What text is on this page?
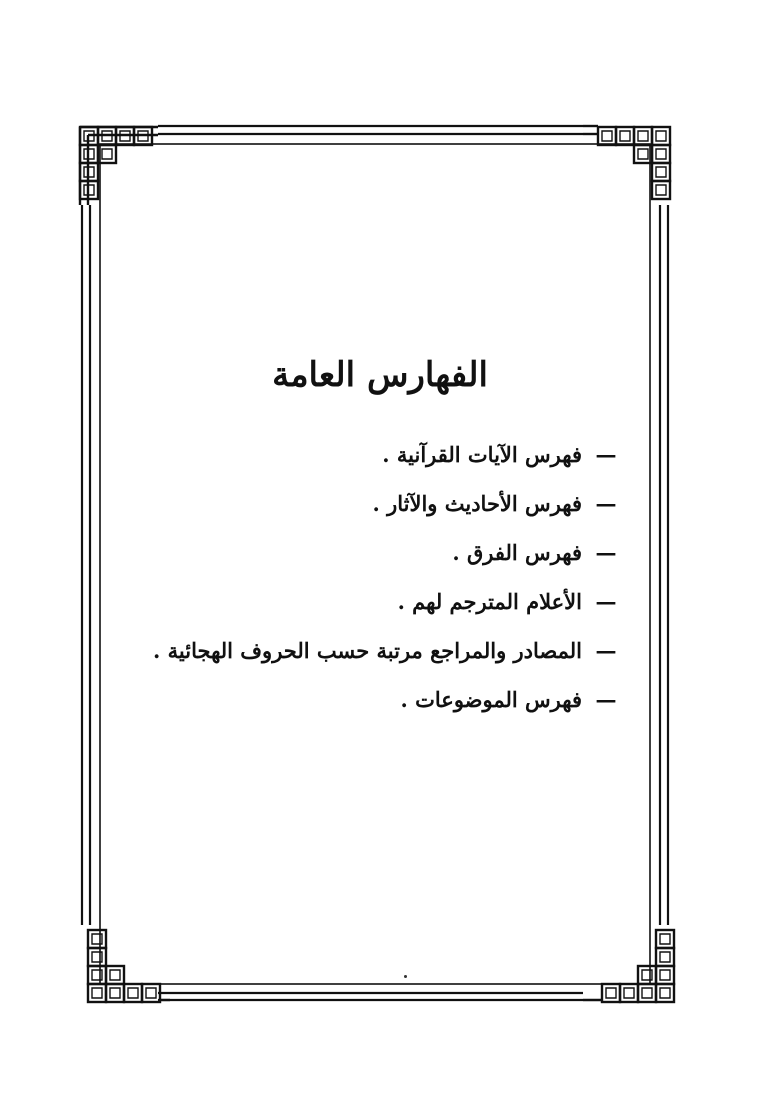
الفهارس العامة
—
فهرس الآيات القرآنية .
—
فهرس الأحاديث والآثار .
—
فهرس الفرق .
—
الأعلام المترجم لهم .
—
المصادر والمراجع مرتبة حسب الحروف الهجائية .
—
فهرس الموضوعات .
